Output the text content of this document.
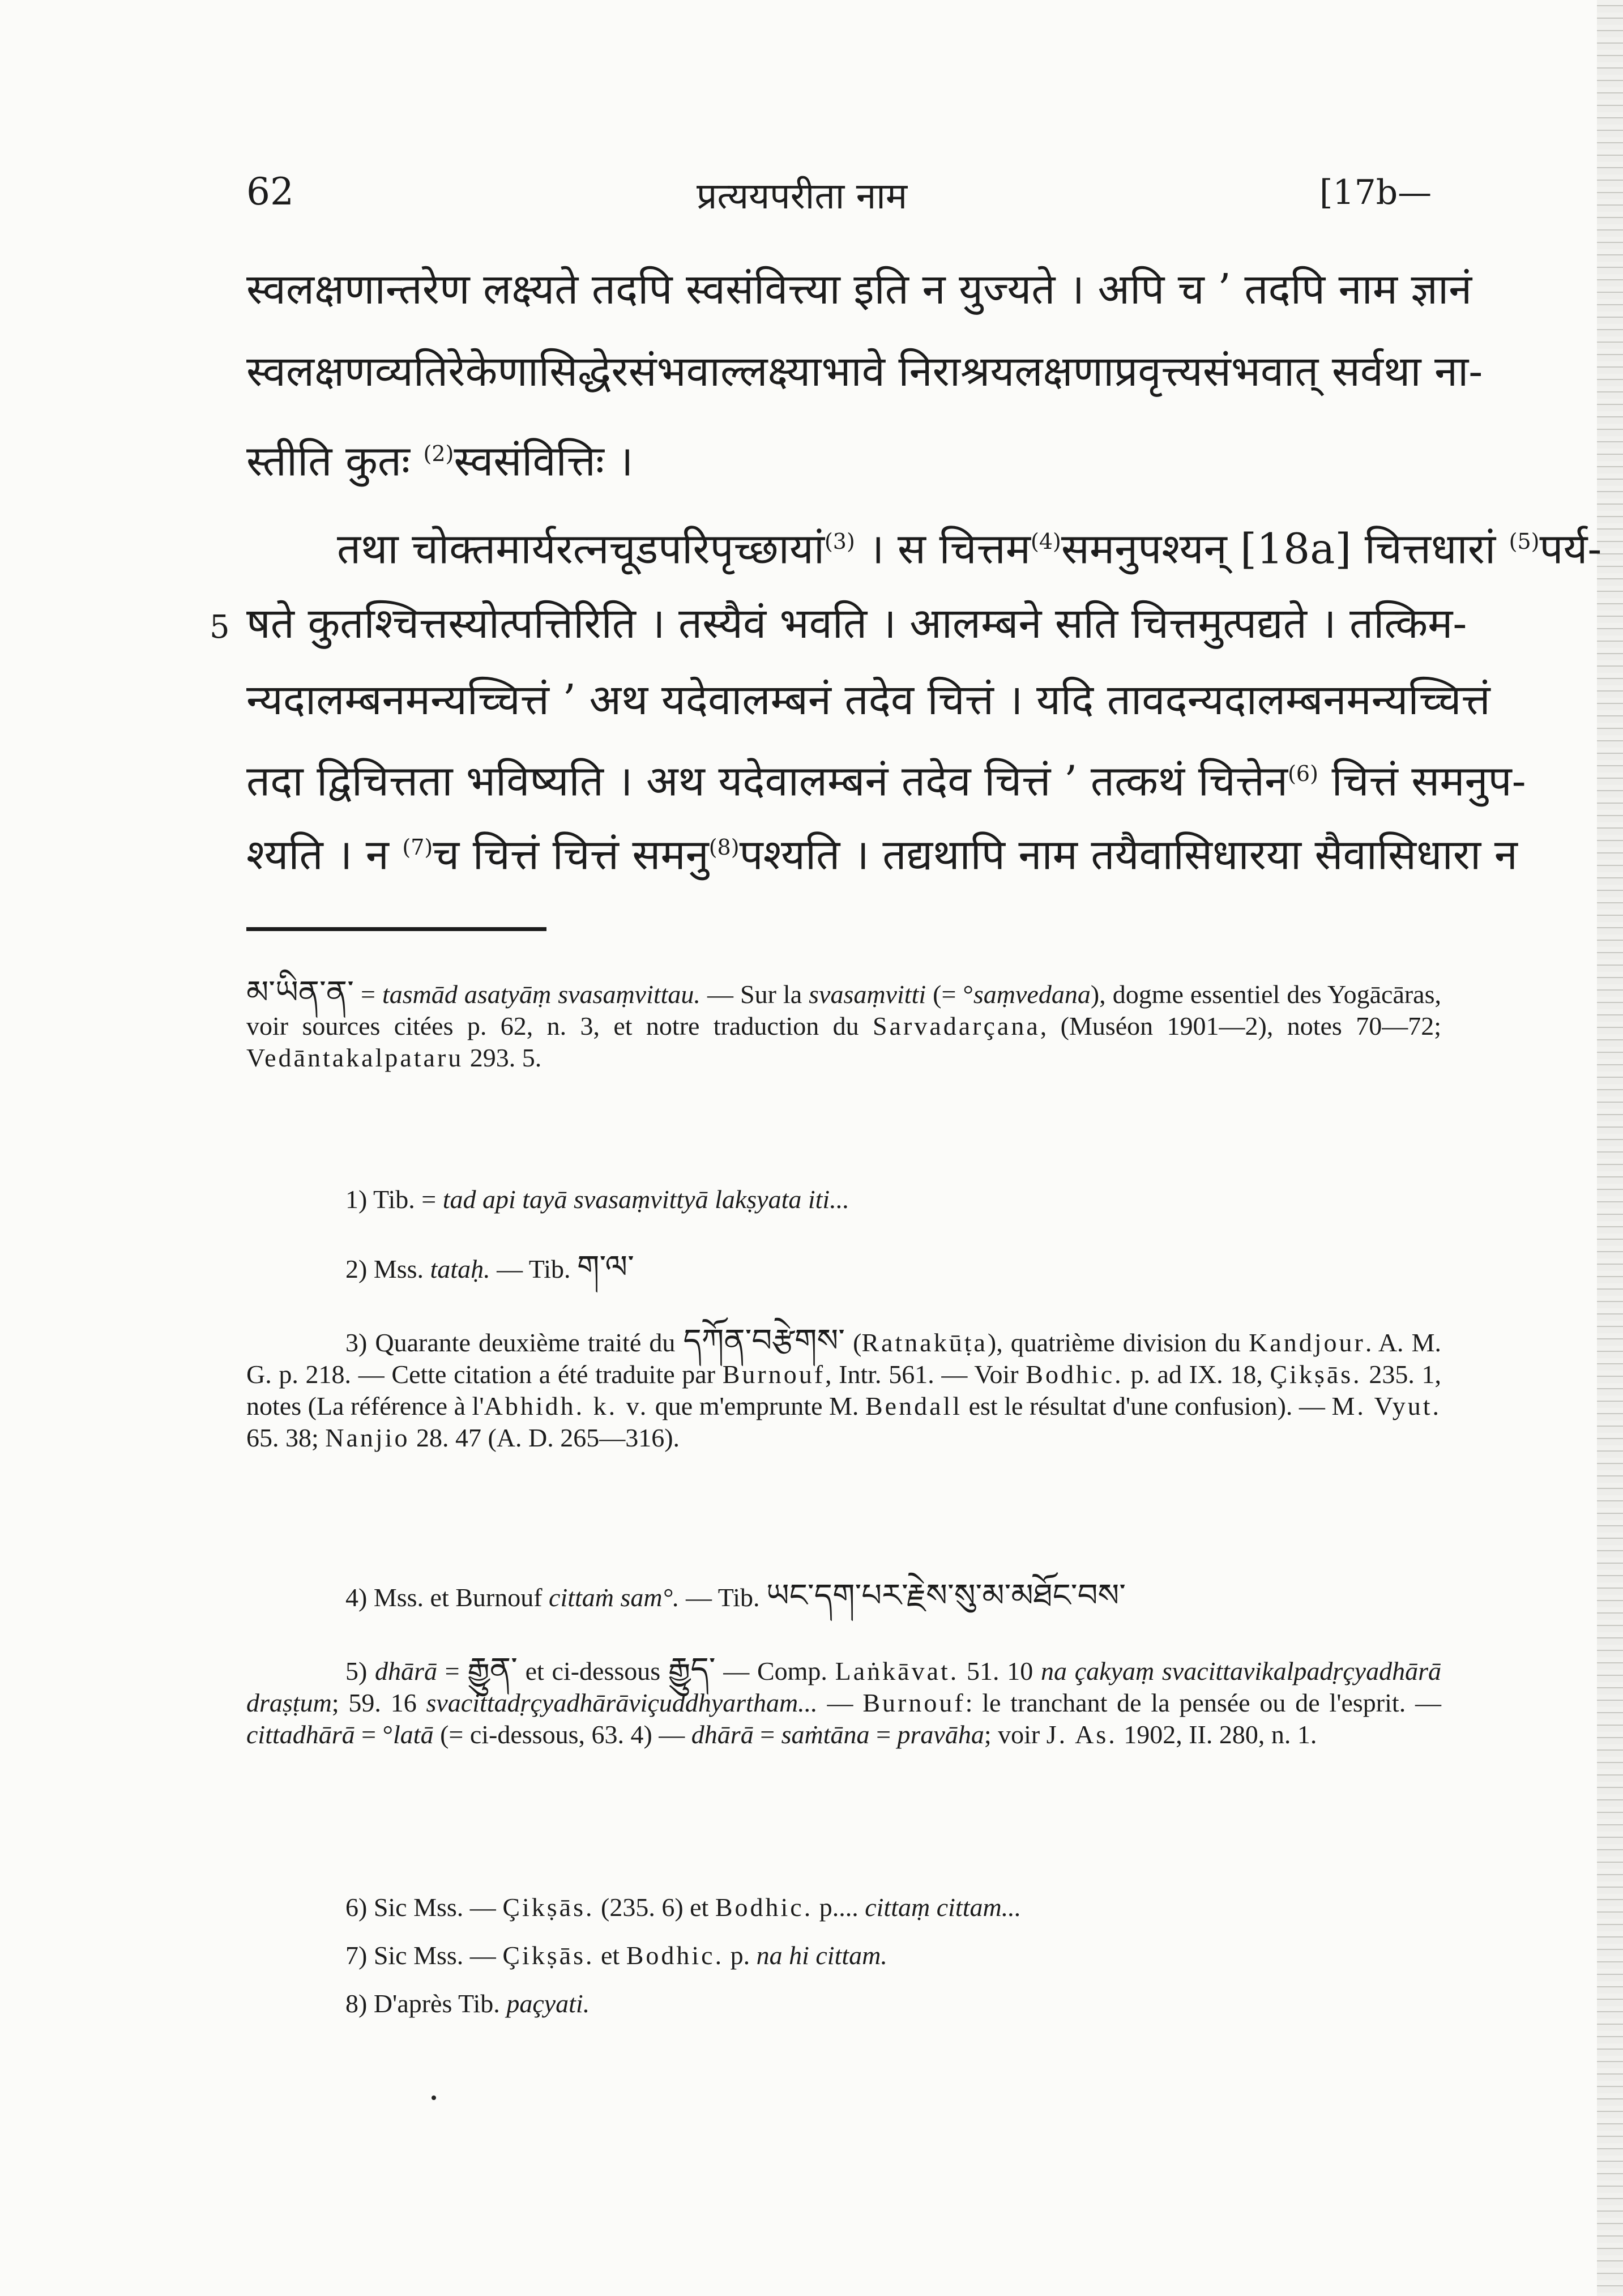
62	प्रत्ययपरीता नाम	[17b—
स्वलक्षणान्तरेण लक्ष्यते तदपि स्वसंवित्त्या इति न युज्यते । अपि च ’ तदपि नाम ज्ञानं
स्वलक्षणव्यतिरेकेणासिद्धेरसंभवाल्लक्ष्याभावे निराश्रयलक्षणाप्रवृत्त्यसंभवात् सर्वथा ना-
स्तीति कुतः $^{(2)}$स्वसंवित्तिः ।
तथा चोक्तमार्यरत्नचूडपरिपृच्छायां$^{(3)}$ । स चित्तम$^{(4)}$समनुपश्यन् [18a] चित्तधारां $^{(5)}$पर्य-
5 षते कुतश्चित्तस्योत्पत्तिरिति । तस्यैवं भवति । आलम्बने सति चित्तमुत्पद्यते । तत्किम-
न्यदालम्बनमन्यच्चित्तं ’ अथ यदेवालम्बनं तदेव चित्तं । यदि तावदन्यदालम्बनमन्यच्चित्तं
तदा द्विचित्तता भविष्यति । अथ यदेवालम्बनं तदेव चित्तं ’ तत्कथं चित्तेन$^{(6)}$ चित्तं समनुप-
श्यति । न $^{(7)}$च चित्तं चित्तं समनु$^{(8)}$पश्यति । तद्यथापि नाम तयैवासिधारया सैवासिधारा न
མ་ཡིན་ན་ = tasmād asatyāṃ svasaṃvittau. — Sur la svasaṃvitti (= °saṃvedana), dogme essentiel des Yogācāras, voir sources citées p. 62, n. 3, et notre traduction du Sarvadarçana, (Muséon 1901—2), notes 70—72; Vedāntakalpataru 293. 5.
1) Tib. = tad api tayā svasaṃvittyā lakṣyata iti...
2) Mss. tataḥ. — Tib. ག་ལ་
3) Quarante deuxième traité du དཀོན་བརྩེགས་ (Ratnakūṭa), quatrième division du Kandjour. A. M. G. p. 218. — Cette citation a été traduite par Burnouf, Intr. 561. — Voir Bodhic. p. ad IX. 18, Çikṣās. 235. 1, notes (La référence à l'Abhidh. k. v. que m'emprunte M. Bendall est le résultat d'une confusion). — M. Vyut. 65. 38; Nanjio 28. 47 (A. D. 265—316).
4) Mss. et Burnouf cittaṁ sam°. — Tib. ཡང་དག་པར་རྗེས་སུ་མ་མཐོང་བས་
5) dhārā = རྒྱུན་ et ci-dessous རྒྱུད་ — Comp. Laṅkāvat. 51. 10 na çakyaṃ svacittavikalpadṛçyadhārā draṣṭum; 59. 16 svacittadṛçyadhārāviçuddhyartham... — Burnouf: le tranchant de la pensée ou de l'esprit. — cittadhārā = °latā (= ci-dessous, 63. 4) — dhārā = saṁtāna = pravāha; voir J. As. 1902, II. 280, n. 1.
6) Sic Mss. — Çikṣās. (235. 6) et Bodhic. p.... cittaṃ cittam...
7) Sic Mss. — Çikṣās. et Bodhic. p. na hi cittam.
8) D'après Tib. paçyati.
